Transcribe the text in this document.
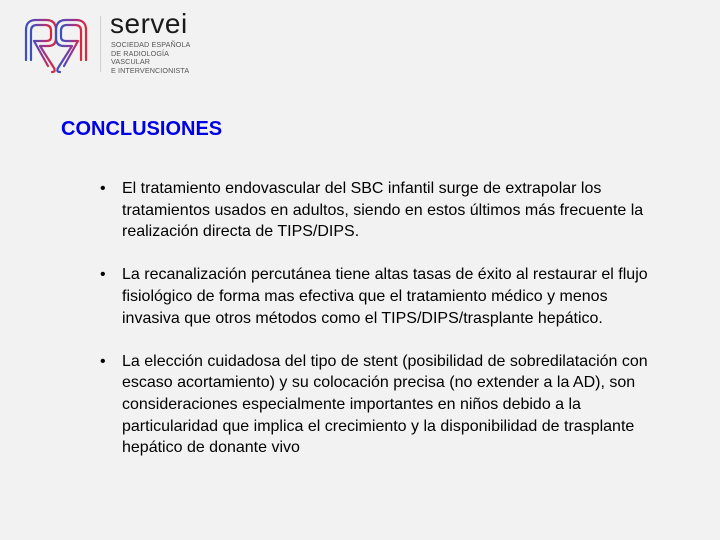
servei
SOCIEDAD ESPAÑOLA
DE RADIOLOGÍA
VASCULAR
E INTERVENCIONISTA
CONCLUSIONES
• El tratamiento endovascular del SBC infantil surge de extrapolar los tratamientos usados en adultos, siendo en estos últimos más frecuente la realización directa de TIPS/DIPS.
• La recanalización percutánea tiene altas tasas de éxito al restaurar el flujo fisiológico de forma mas efectiva que el tratamiento médico y menos invasiva que otros métodos como el TIPS/DIPS/trasplante hepático.
• La elección cuidadosa del tipo de stent (posibilidad de sobredilatación con escaso acortamiento) y su colocación precisa (no extender a la AD), son consideraciones especialmente importantes en niños debido a la particularidad que implica el crecimiento y la disponibilidad de trasplante hepático de donante vivo
